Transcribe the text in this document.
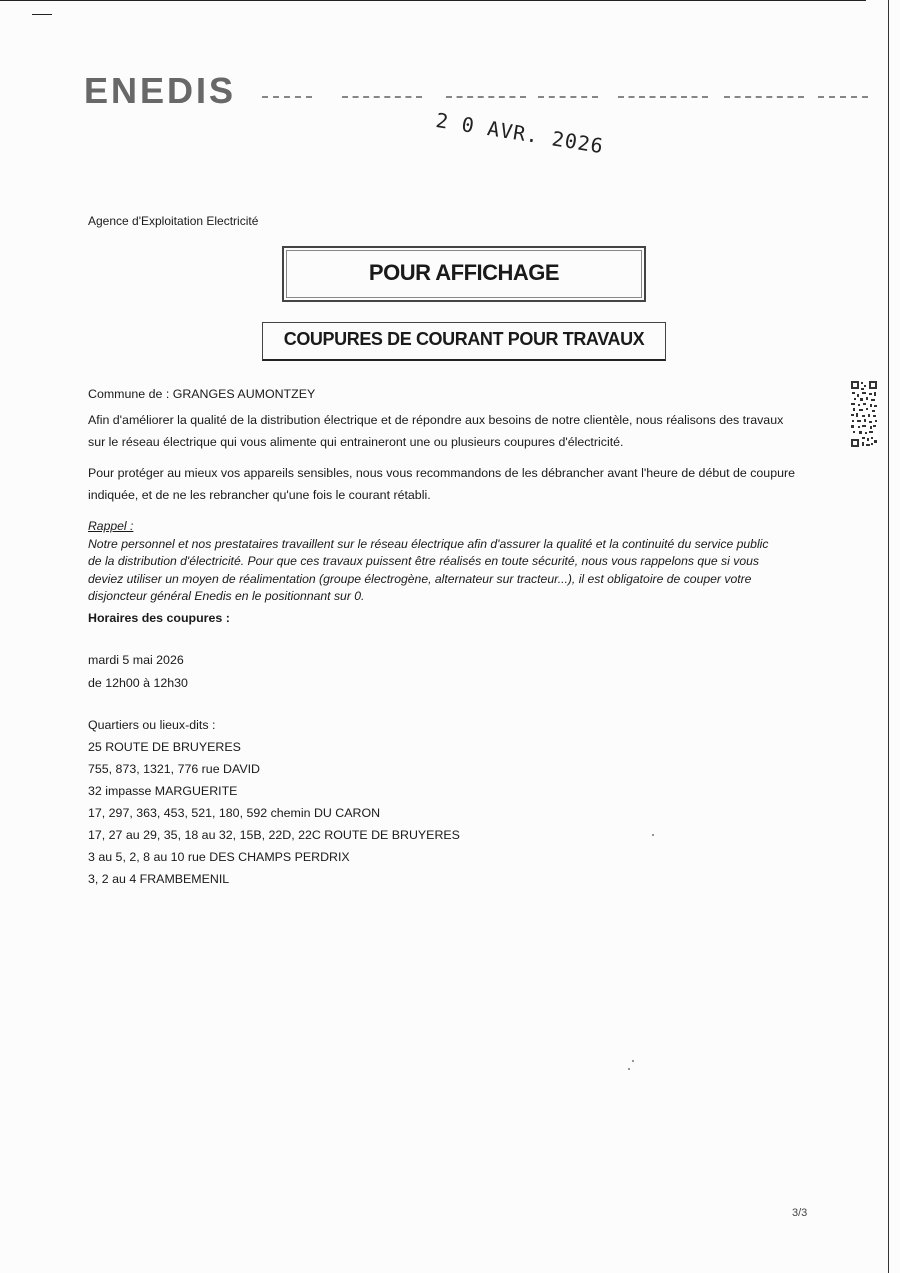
ENEDIS
2 0 AVR. 2026
Agence d'Exploitation Electricité
POUR AFFICHAGE
COUPURES DE COURANT POUR TRAVAUX
Commune de : GRANGES AUMONTZEY
Afin d'améliorer la qualité de la distribution électrique et de répondre aux besoins de notre clientèle, nous réalisons des travaux
sur le réseau électrique qui vous alimente qui entraineront une ou plusieurs coupures d'électricité.
Pour protéger au mieux vos appareils sensibles, nous vous recommandons de les débrancher avant l'heure de début de coupure
indiquée, et de ne les rebrancher qu'une fois le courant rétabli.
Rappel :
Notre personnel et nos prestataires travaillent sur le réseau électrique afin d'assurer la qualité et la continuité du service public
de la distribution d'électricité. Pour que ces travaux puissent être réalisés en toute sécurité, nous vous rappelons que si vous
deviez utiliser un moyen de réalimentation (groupe électrogène, alternateur sur tracteur...), il est obligatoire de couper votre
disjoncteur général Enedis en le positionnant sur 0.
Horaires des coupures :
mardi 5 mai 2026
de 12h00 à 12h30
Quartiers ou lieux-dits :
25 ROUTE DE BRUYERES
755, 873, 1321, 776 rue DAVID
32 impasse MARGUERITE
17, 297, 363, 453, 521, 180, 592 chemin DU CARON
17, 27 au 29, 35, 18 au 32, 15B, 22D, 22C ROUTE DE BRUYERES
3 au 5, 2, 8 au 10 rue DES CHAMPS PERDRIX
3, 2 au 4 FRAMBEMENIL
3/3
